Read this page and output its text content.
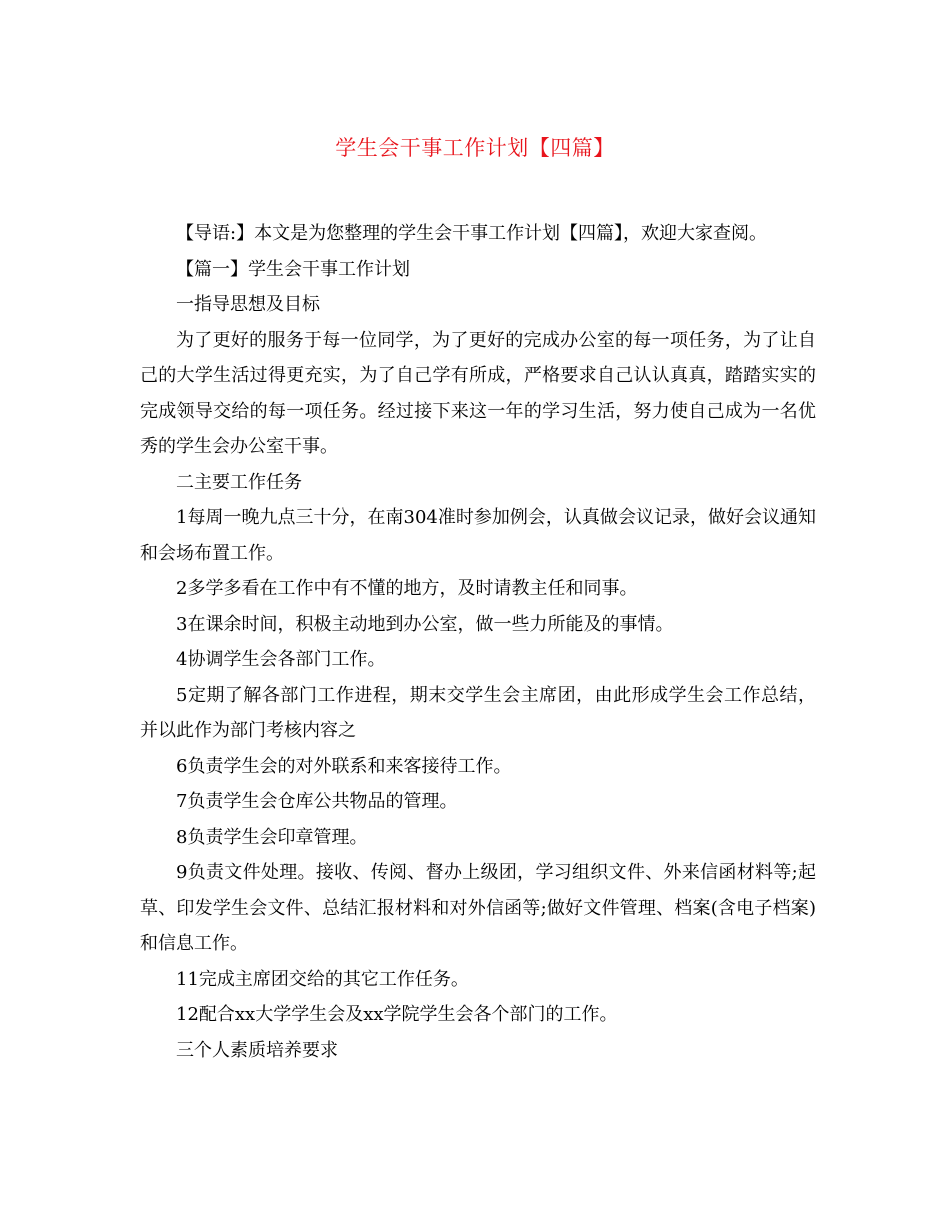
学生会干事工作计划【四篇】

【导语:】本文是为您整理的学生会干事工作计划【四篇】，欢迎大家查阅。

【篇一】学生会干事工作计划

一指导思想及目标

为了更好的服务于每一位同学，为了更好的完成办公室的每一项任务，为了让自己的大学生活过得更充实，为了自己学有所成，严格要求自己认认真真，踏踏实实的完成领导交给的每一项任务。经过接下来这一年的学习生活，努力使自己成为一名优秀的学生会办公室干事。

二主要工作任务

1每周一晚九点三十分，在南304准时参加例会，认真做会议记录，做好会议通知和会场布置工作。

2多学多看在工作中有不懂的地方，及时请教主任和同事。

3在课余时间，积极主动地到办公室，做一些力所能及的事情。

4协调学生会各部门工作。

5定期了解各部门工作进程，期末交学生会主席团，由此形成学生会工作总结，并以此作为部门考核内容之

6负责学生会的对外联系和来客接待工作。

7负责学生会仓库公共物品的管理。

8负责学生会印章管理。

9负责文件处理。接收、传阅、督办上级团，学习组织文件、外来信函材料等;起草、印发学生会文件、总结汇报材料和对外信函等;做好文件管理、档案(含电子档案)和信息工作。

11完成主席团交给的其它工作任务。

12配合xx大学学生会及xx学院学生会各个部门的工作。

三个人素质培养要求
